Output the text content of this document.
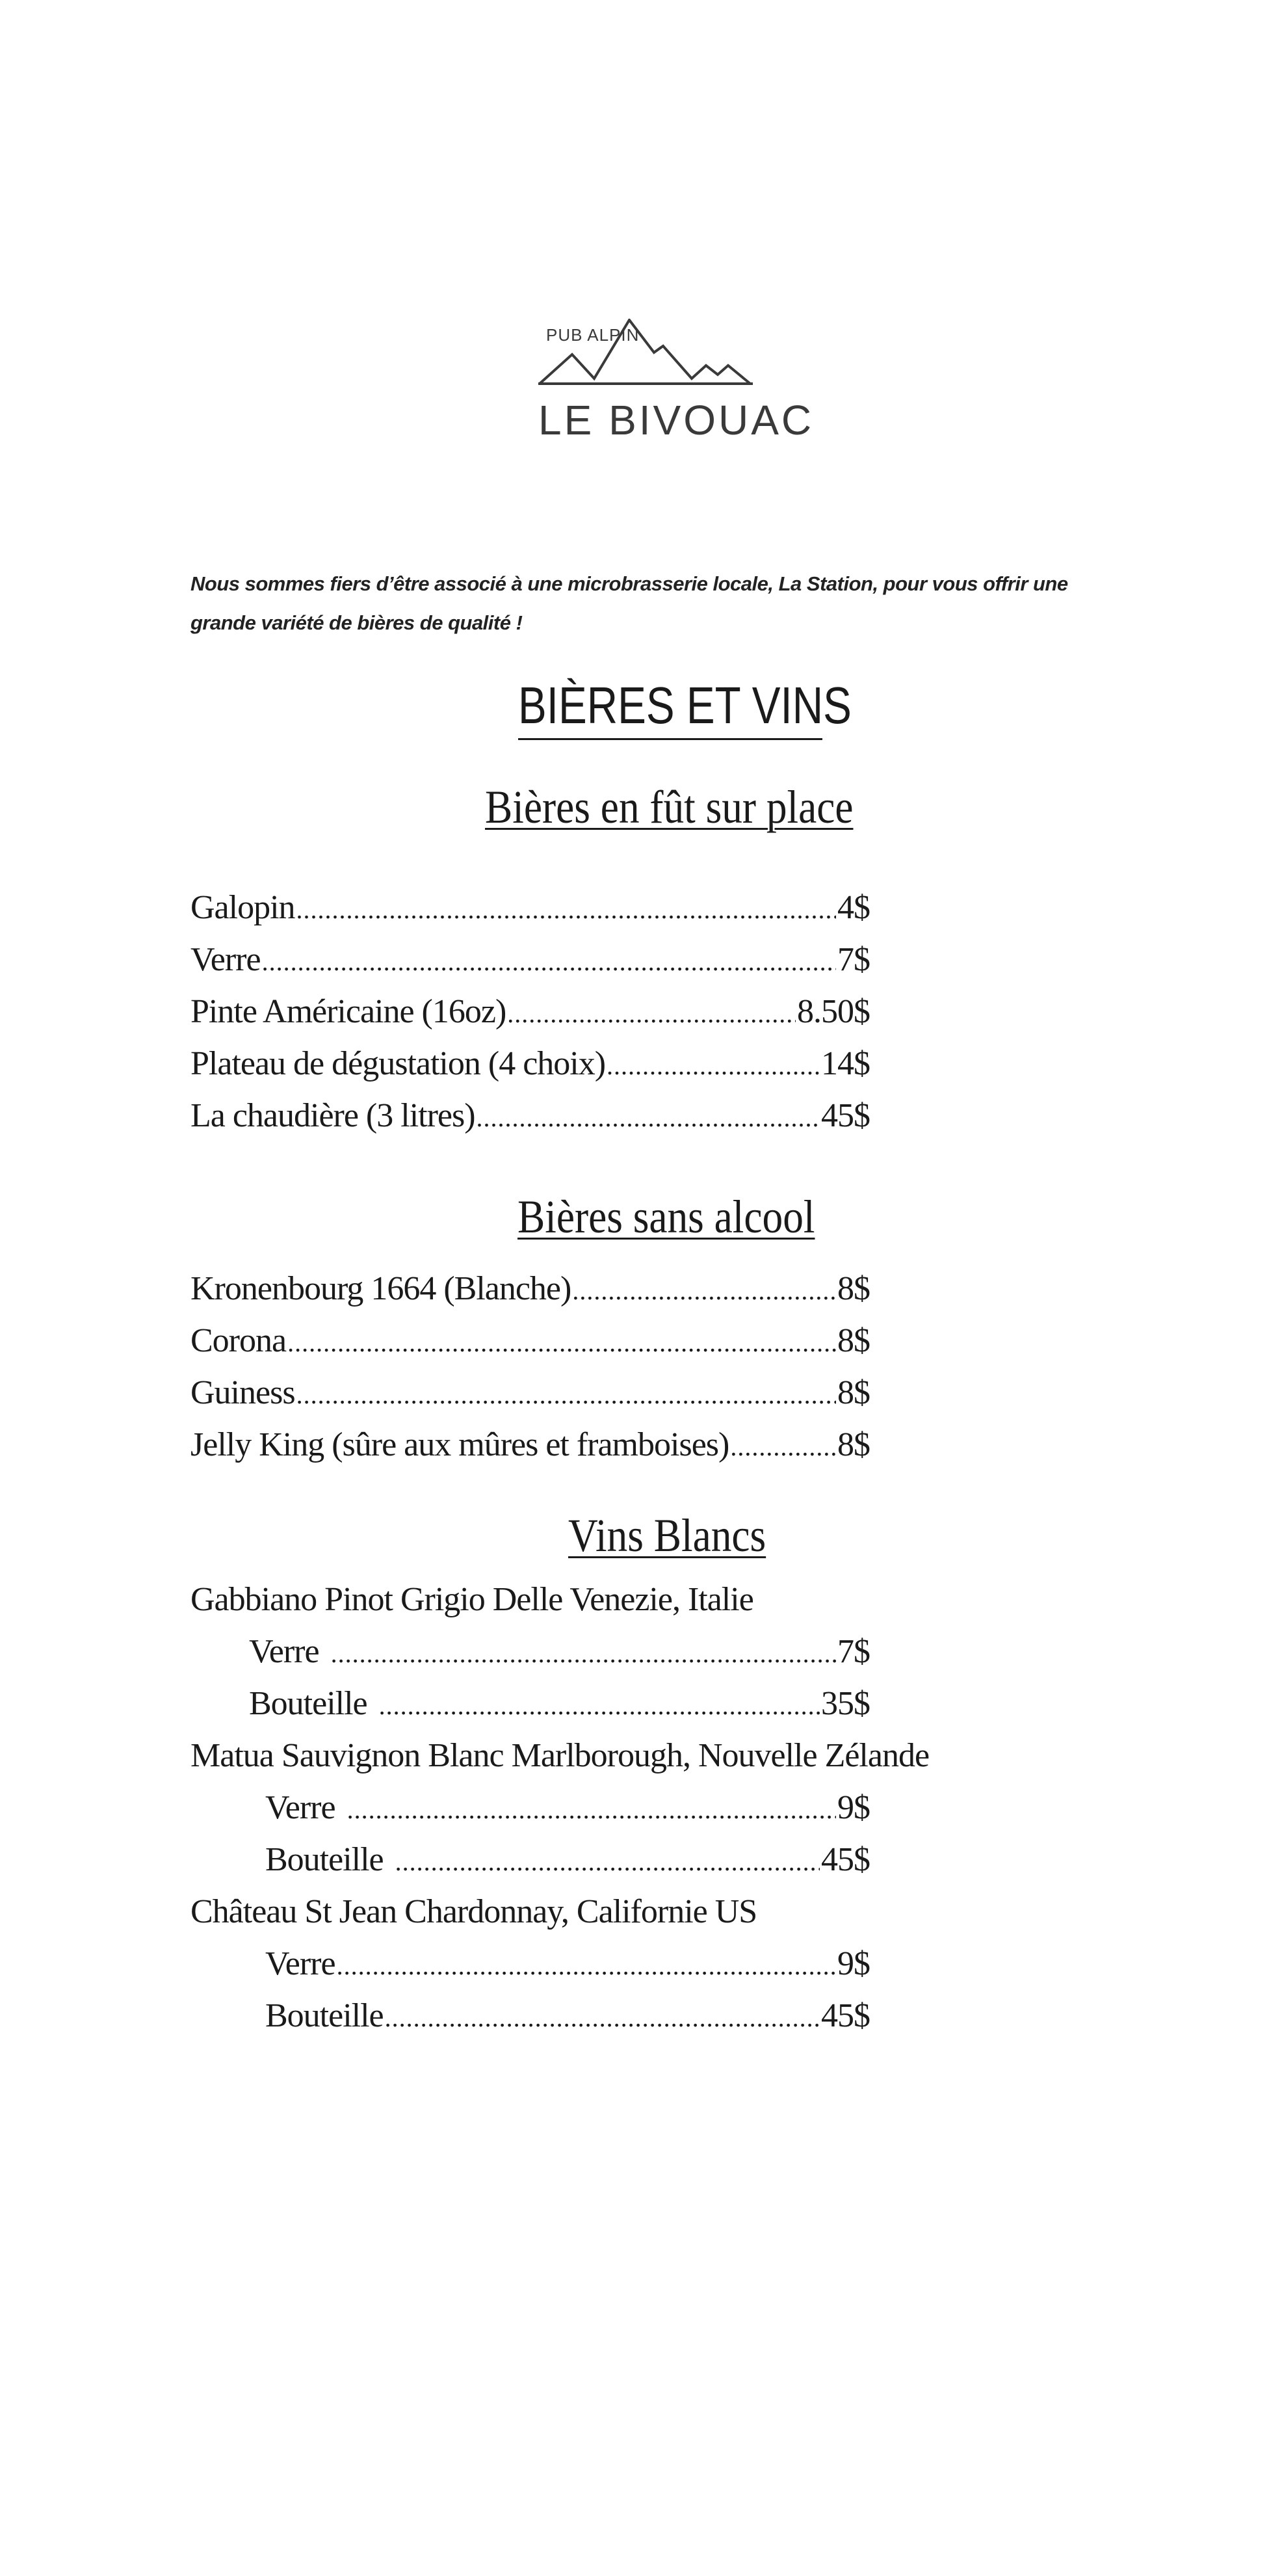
PUB ALPIN
LE BIVOUAC
Nous sommes fiers d’être associé à une microbrasserie locale, La Station, pour vous offrir une grande variété de bières de qualité !
BIÈRES ET VINS
Bières en fût sur place
Galopin .....	4$
Verre .....	7$
Pinte Américaine (16oz) .....	8.50$
Plateau de dégustation (4 choix) .....	14$
La chaudière (3 litres) .....	45$
Bières sans alcool
Kronenbourg 1664 (Blanche) .....	8$
Corona .....	8$
Guiness .....	8$
Jelly King (sûre aux mûres et framboises) .....	8$
Vins Blancs
Gabbiano Pinot Grigio Delle Venezie, Italie
Verre .....	7$
Bouteille .....	35$
Matua Sauvignon Blanc Marlborough, Nouvelle Zélande
Verre .....	9$
Bouteille .....	45$
Château St Jean Chardonnay, Californie US
Verre .....	9$
Bouteille .....	45$
